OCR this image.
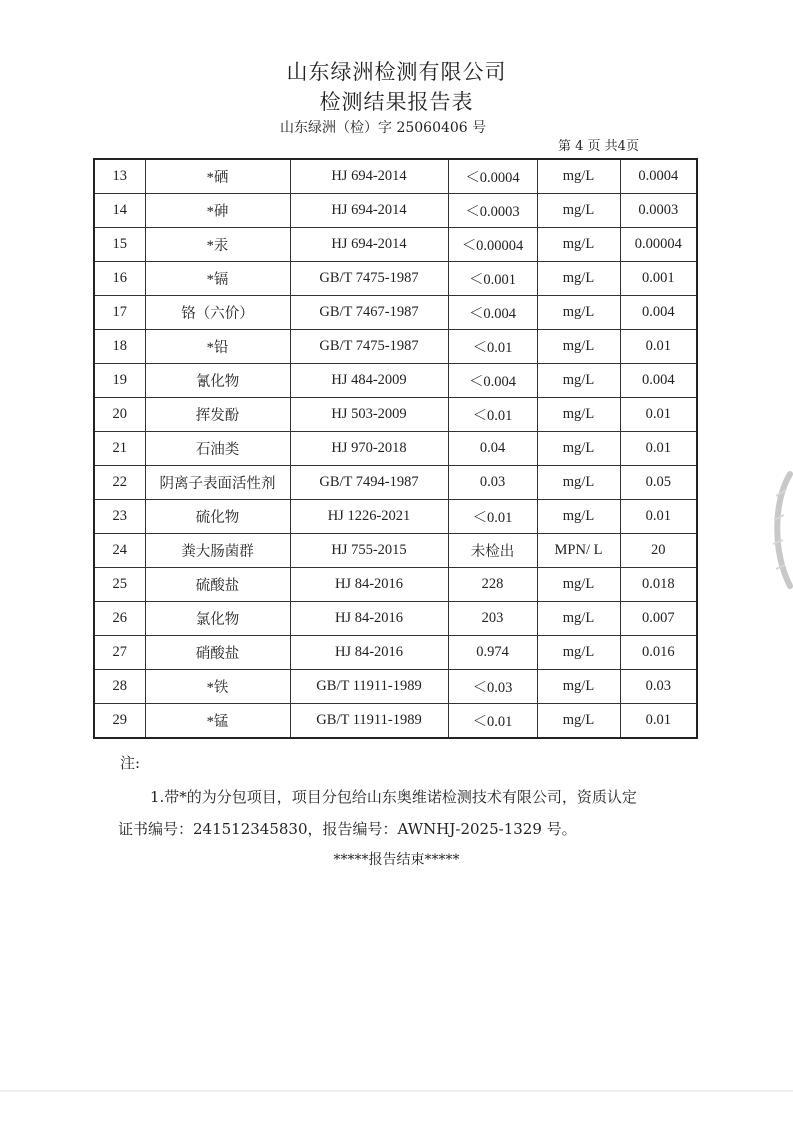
山东绿洲检测有限公司
检测结果报告表
山东绿洲（检）字 25060406 号
第 4 页 共4页
13	*硒	HJ 694-2014	＜0.0004	mg/L	0.0004
14	*砷	HJ 694-2014	＜0.0003	mg/L	0.0003
15	*汞	HJ 694-2014	＜0.00004	mg/L	0.00004
16	*镉	GB/T 7475-1987	＜0.001	mg/L	0.001
17	铬（六价）	GB/T 7467-1987	＜0.004	mg/L	0.004
18	*铅	GB/T 7475-1987	＜0.01	mg/L	0.01
19	氰化物	HJ 484-2009	＜0.004	mg/L	0.004
20	挥发酚	HJ 503-2009	＜0.01	mg/L	0.01
21	石油类	HJ 970-2018	0.04	mg/L	0.01
22	阴离子表面活性剂	GB/T 7494-1987	0.03	mg/L	0.05
23	硫化物	HJ 1226-2021	＜0.01	mg/L	0.01
24	粪大肠菌群	HJ 755-2015	未检出	MPN/ L	20
25	硫酸盐	HJ 84-2016	228	mg/L	0.018
26	氯化物	HJ 84-2016	203	mg/L	0.007
27	硝酸盐	HJ 84-2016	0.974	mg/L	0.016
28	*铁	GB/T 11911-1989	＜0.03	mg/L	0.03
29	*锰	GB/T 11911-1989	＜0.01	mg/L	0.01
注:
1.带*的为分包项目，项目分包给山东奥维诺检测技术有限公司，资质认定
证书编号：241512345830，报告编号：AWNHJ-2025-1329 号。
*****报告结束*****
